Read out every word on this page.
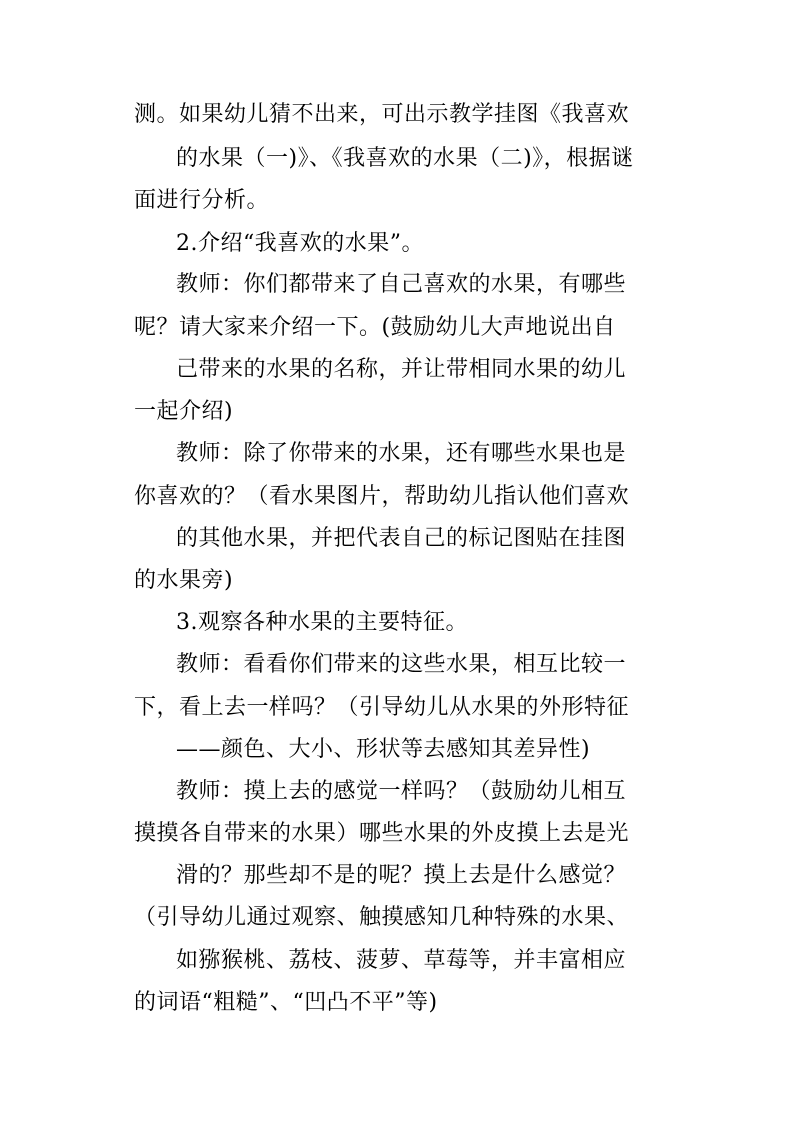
测。如果幼儿猜不出来，可出示教学挂图《我喜欢
的水果（一)》、《我喜欢的水果（二)》，根据谜
面进行分析。
2.介绍“我喜欢的水果”。
教师：你们都带来了自己喜欢的水果，有哪些
呢？请大家来介绍一下。(鼓励幼儿大声地说出自
己带来的水果的名称，并让带相同水果的幼儿
一起介绍)
教师：除了你带来的水果，还有哪些水果也是
你喜欢的？（看水果图片，帮助幼儿指认他们喜欢
的其他水果，并把代表自己的标记图贴在挂图
的水果旁)
3.观察各种水果的主要特征。
教师：看看你们带来的这些水果，相互比较一
下，看上去一样吗？（引导幼儿从水果的外形特征
——颜色、大小、形状等去感知其差异性)
教师：摸上去的感觉一样吗？（鼓励幼儿相互
摸摸各自带来的水果）哪些水果的外皮摸上去是光
滑的？那些却不是的呢？摸上去是什么感觉？
（引导幼儿通过观察、触摸感知几种特殊的水果、
如猕猴桃、荔枝、菠萝、草莓等，并丰富相应
的词语“粗糙”、“凹凸不平”等)
